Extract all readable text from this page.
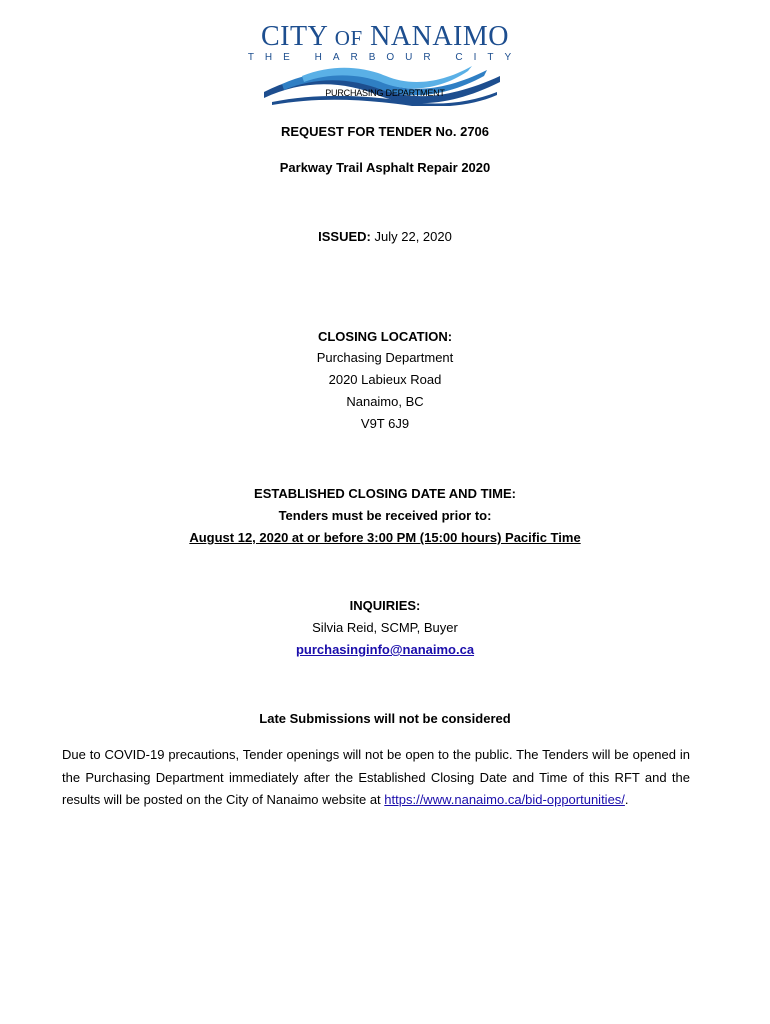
CITY OF NANAIMO
THE HARBOUR CITY
PURCHASING DEPARTMENT
REQUEST FOR TENDER No. 2706
Parkway Trail Asphalt Repair 2020
ISSUED: July 22, 2020
CLOSING LOCATION:
Purchasing Department
2020 Labieux Road
Nanaimo, BC
V9T 6J9
ESTABLISHED CLOSING DATE AND TIME:
Tenders must be received prior to:
August 12, 2020 at or before 3:00 PM (15:00 hours) Pacific Time
INQUIRIES:
Silvia Reid, SCMP, Buyer
purchasinginfo@nanaimo.ca
Late Submissions will not be considered
Due to COVID-19 precautions, Tender openings will not be open to the public. The Tenders will be opened in the Purchasing Department immediately after the Established Closing Date and Time of this RFT and the results will be posted on the City of Nanaimo website at https://www.nanaimo.ca/bid-opportunities/.
